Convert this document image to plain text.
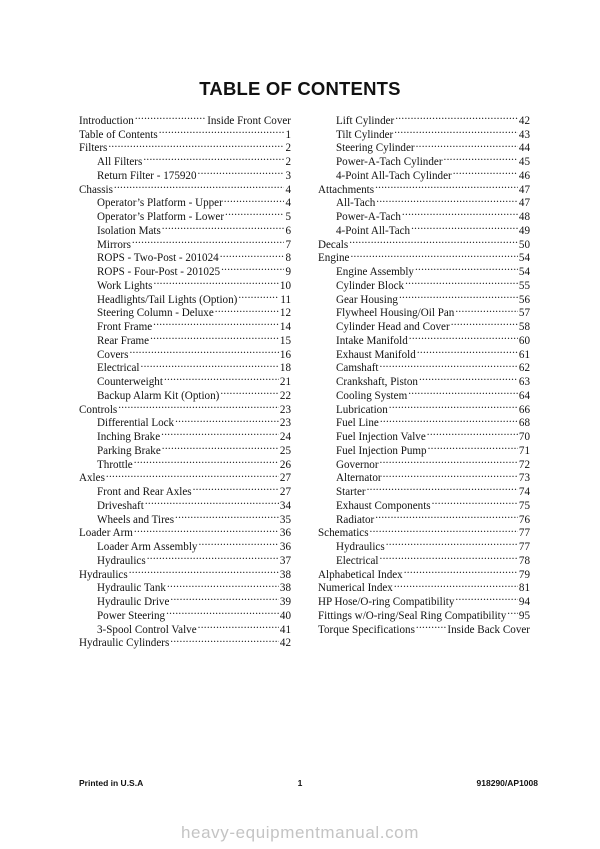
TABLE OF CONTENTS
Introduction .....	Inside Front Cover
Table of Contents .....	1
Filters .....	2
All Filters .....	2
Return Filter - 175920 .....	3
Chassis .....	4
Operator’s Platform - Upper .....	4
Operator’s Platform - Lower .....	5
Isolation Mats .....	6
Mirrors .....	7
ROPS - Two-Post - 201024 .....	8
ROPS - Four-Post - 201025 .....	9
Work Lights .....	10
Headlights/Tail Lights (Option) .....	11
Steering Column - Deluxe .....	12
Front Frame .....	14
Rear Frame .....	15
Covers .....	16
Electrical .....	18
Counterweight .....	21
Backup Alarm Kit (Option) .....	22
Controls .....	23
Differential Lock .....	23
Inching Brake .....	24
Parking Brake .....	25
Throttle .....	26
Axles .....	27
Front and Rear Axles .....	27
Driveshaft .....	34
Wheels and Tires .....	35
Loader Arm .....	36
Loader Arm Assembly .....	36
Hydraulics .....	37
Hydraulics .....	38
Hydraulic Tank .....	38
Hydraulic Drive .....	39
Power Steering .....	40
3-Spool Control Valve .....	41
Hydraulic Cylinders .....	42
Lift Cylinder .....	42
Tilt Cylinder .....	43
Steering Cylinder .....	44
Power-A-Tach Cylinder .....	45
4-Point All-Tach Cylinder .....	46
Attachments .....	47
All-Tach .....	47
Power-A-Tach .....	48
4-Point All-Tach .....	49
Decals .....	50
Engine .....	54
Engine Assembly .....	54
Cylinder Block .....	55
Gear Housing .....	56
Flywheel Housing/Oil Pan .....	57
Cylinder Head and Cover .....	58
Intake Manifold .....	60
Exhaust Manifold .....	61
Camshaft .....	62
Crankshaft, Piston .....	63
Cooling System .....	64
Lubrication .....	66
Fuel Line .....	68
Fuel Injection Valve .....	70
Fuel Injection Pump .....	71
Governor .....	72
Alternator .....	73
Starter .....	74
Exhaust Components .....	75
Radiator .....	76
Schematics .....	77
Hydraulics .....	77
Electrical .....	78
Alphabetical Index .....	79
Numerical Index .....	81
HP Hose/O-ring Compatibility .....	94
Fittings w/O-ring/Seal Ring Compatibility ..... 95
Torque Specifications .....	Inside Back Cover
Printed in U.S.A	1	918290/AP1008
heavy-equipmentmanual.com
